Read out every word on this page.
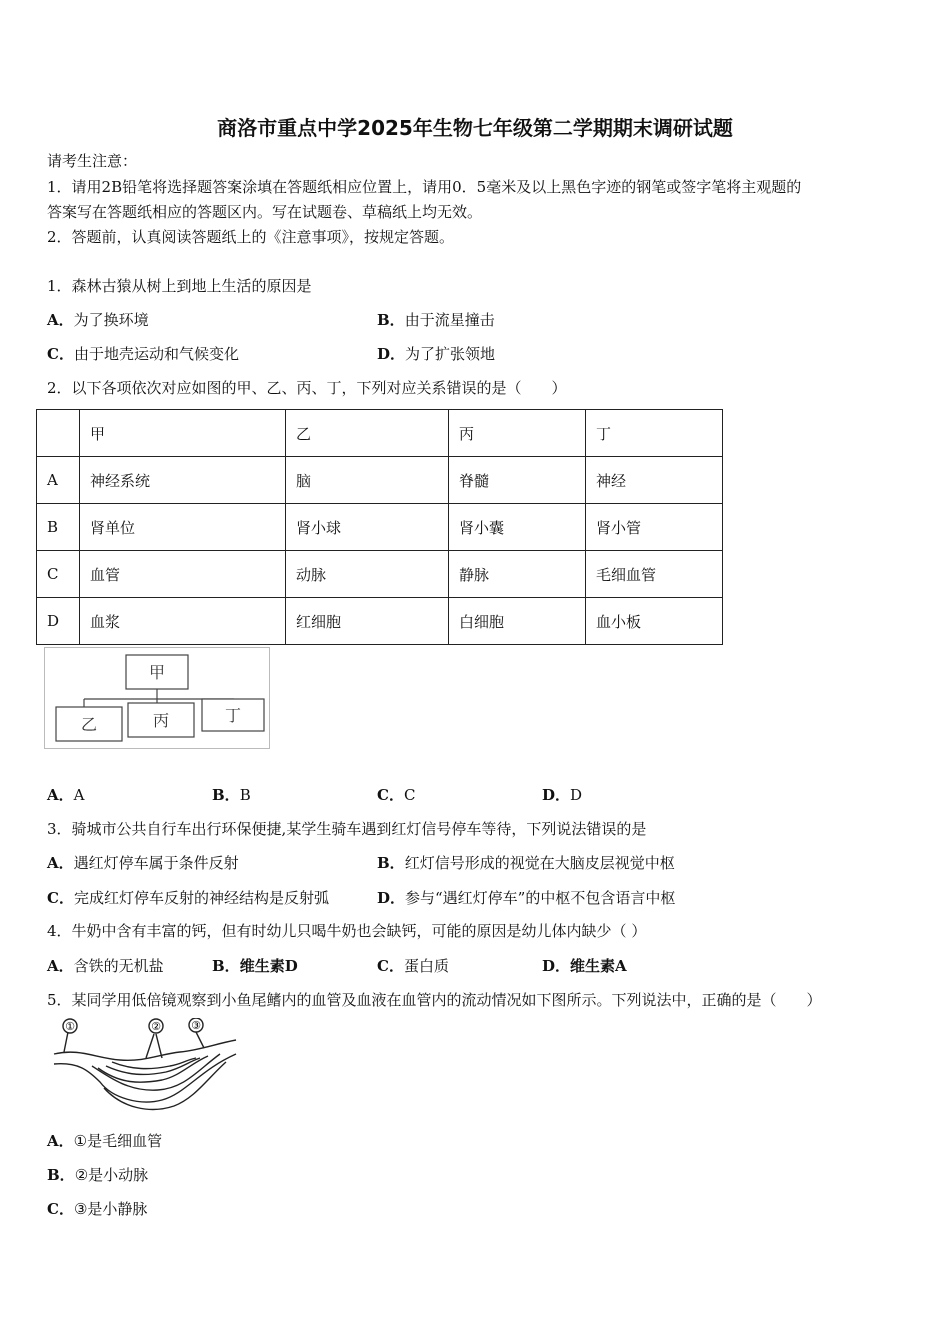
商洛市重点中学2025年生物七年级第二学期期末调研试题
请考生注意：
1．请用2B铅笔将选择题答案涂填在答题纸相应位置上，请用0．5毫米及以上黑色字迹的钢笔或签字笔将主观题的
答案写在答题纸相应的答题区内。写在试题卷、草稿纸上均无效。
2．答题前，认真阅读答题纸上的《注意事项》，按规定答题。
1．森林古猿从树上到地上生活的原因是
A．为了换环境	B．由于流星撞击
C．由于地壳运动和气候变化	D．为了扩张领地
2．以下各项依次对应如图的甲、乙、丙、丁，下列对应关系错误的是（　　）
	甲	乙	丙	丁
A	神经系统	脑	脊髓	神经
B	肾单位	肾小球	肾小囊	肾小管
C	血管	动脉	静脉	毛细血管
D	血浆	红细胞	白细胞	血小板
甲
乙	丙	丁
A．A	B．B	C．C	D．D
3．骑城市公共自行车出行环保便捷,某学生骑车遇到红灯信号停车等待，下列说法错误的是
A．遇红灯停车属于条件反射	B．红灯信号形成的视觉在大脑皮层视觉中枢
C．完成红灯停车反射的神经结构是反射弧	D．参与“遇红灯停车”的中枢不包含语言中枢
4．牛奶中含有丰富的钙，但有时幼儿只喝牛奶也会缺钙，可能的原因是幼儿体内缺少（ ）
A．含铁的无机盐	B．维生素D	C．蛋白质	D．维生素A
5．某同学用低倍镜观察到小鱼尾鳍内的血管及血液在血管内的流动情况如下图所示。下列说法中，正确的是（　　）
①	②	③
A．①是毛细血管
B．②是小动脉
C．③是小静脉
